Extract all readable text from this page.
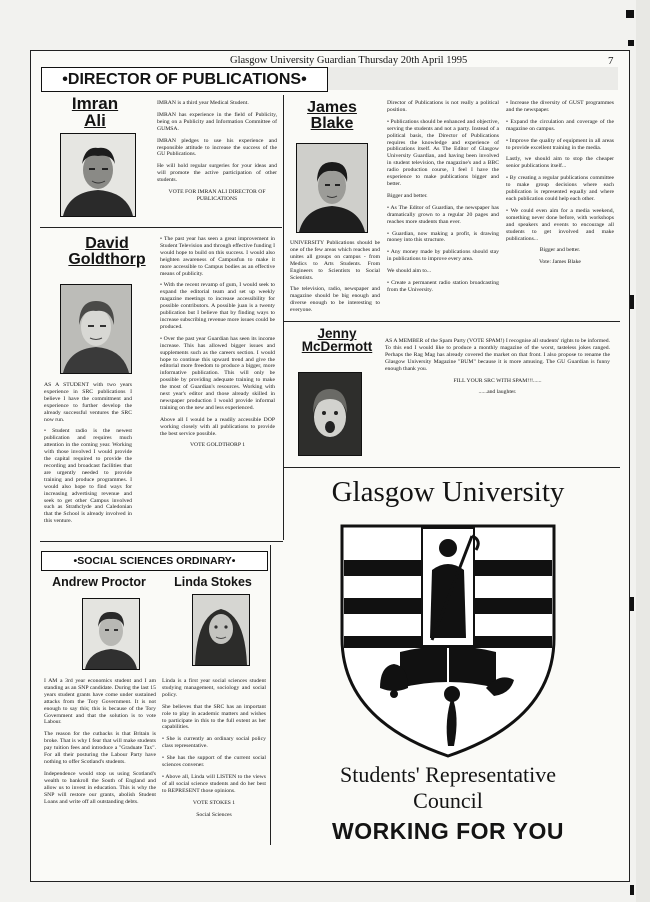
Glasgow University Guardian Thursday 20th April 1995	7
•DIRECTOR OF PUBLICATIONS•
Imran
Ali

IMRAN is a third year Medical Student.

IMRAN has experience in the field of Publicity, being on a Publicity and Information Committee of GUMSA.

IMRAN pledges to use his experience and responsible attitude to increase the success of the GU Publications.

He will hold regular surgeries for your ideas and will promote the active participation of other students.

VOTE FOR IMRAN ALI DIRECTOR OF PUBLICATIONS

David
Goldthorp

AS A STUDENT with two years experience in SRC publications I believe I have the commitment and experience to further develop the already successful ventures the SRC now run.

• Student radio is the newest publication and requires much attention in the coming year. Working with those involved I would provide the capital required to provide the recording and broadcast facilities that are urgently needed to provide training and produce programmes. I would also hope to find ways for increasing advertising revenue and seek to get other Campus involved such as Strathclyde and Caledonian that the School is already involved in this venture.

• The past year has seen a great improvement in Student Television and through effective funding I would hope to build on this success. I would also heighten awareness of Campusfun to make it more accessible to Campus bodies as an effective means of publicity.

• With the recent revamp of gum, I would seek to expand the editorial team and set up weekly magazine meetings to increase accessibility for possible contributors. A possible juan is a twenty publication but I believe that by finding ways to increase subscribing revenue more issues could be produced.

• Over the past year Guardian has seen its income increase. This has allowed bigger issues and supplements such as the careers section. I would hope to continue this upward trend and give the editorial more freedom to produce a bigger, more informative publication. This will only be possible by providing adequate training to make the most of Guardian's resources. Working with next year's editor and those already skilled in newspaper production I would provide informal training on the new and less experienced.

Above all I would be a readily accessible DOP working closely with all publications to provide the best service possible.

VOTE GOLDTHORP 1

James
Blake

UNIVERSITY Publications should be one of the few areas which reaches and unites all groups on campus - from Medics to Arts Students. From Engineers to Scientists to Social Scientists.

The television, radio, newspaper and magazine should be big enough and diverse enough to be interesting to everyone.

Director of Publications is not really a political position.

• Publications should be enhanced and objective, serving the students and not a party. Instead of a political basis, the Director of Publications requires the knowledge and experience of publications itself. As The Editor of Glasgow University Guardian, and having been involved in student television, the magazine's and a BBC radio production course, I feel I have the experience to make publications bigger and better.

Bigger and better.

• As The Editor of Guardian, the newspaper has dramatically grown to a regular 20 pages and reaches more students than ever.

• Guardian, now making a profit, is drawing money into this structure.

• Any money made by publications should stay in publications to improve every area.

We should aim to...

• Create a permanent radio station broadcasting from the University.

• Increase the diversity of GUST programmes and the newspaper.

• Expand the circulation and coverage of the magazine on campus.

• Improve the quality of equipment in all areas to provide excellent training in the media.

Lastly, we should aim to stop the cheaper senior publications itself...

• By creating a regular publications committee to make group decisions where each publication is represented equally and where each publication could help each other.

• We could even aim for a media weekend, something never done before, with workshops and speakers and events to encourage all students to get involved and make publications...

Bigger and better.

Vote: James Blake

Jenny
McDermott	AS A MEMBER of the Spam Party (VOTE SPAM!) I recognise all students' rights to be informed. To this end I would like to produce a monthly magazine of the worst, tasteless jokes ranged. Perhaps the Rag Mag has already covered the market on that front. I also propose to rename the Glasgow University Magazine "BUM" because it is more amusing. The GU Guardian is funny enough thank you.

FILL YOUR SRC WITH SPAM!!!......

......and laughter.

•SOCIAL SCIENCES ORDINARY•
Andrew Proctor	Linda Stokes

I AM a 3rd year economics student and I am standing as an SNP candidate. During the last 15 years student grants have come under sustained attacks from the Tory Government. It is not enough to say this; this is because of the Tory Government and that the solution is to vote Labour.

The reason for the cutbacks is that Britain is broke. That is why I fear that will make students pay tuition fees and introduce a "Graduate Tax". For all their posturing the Labour Party have nothing to offer Scotland's students.

Independence would stop us using Scotland's wealth to bankroll the South of England and allow us to invest in education. This is why the SNP will restore our grants, abolish Student Loans and write off all outstanding debts.

Linda is a first year social sciences student studying management, sociology and social policy.

She believes that the SRC has an important role to play in academic matters and wishes to participate in this to the full extent as her capabilities.

• She is currently an ordinary social policy class representative.

• She has the support of the current social sciences convener.

• Above all, Linda will LISTEN to the views of all social science students and do her best to REPRESENT those opinions.

VOTE STOKES 1

Social Sciences

Glasgow University
Students' Representative
Council
WORKING FOR YOU
